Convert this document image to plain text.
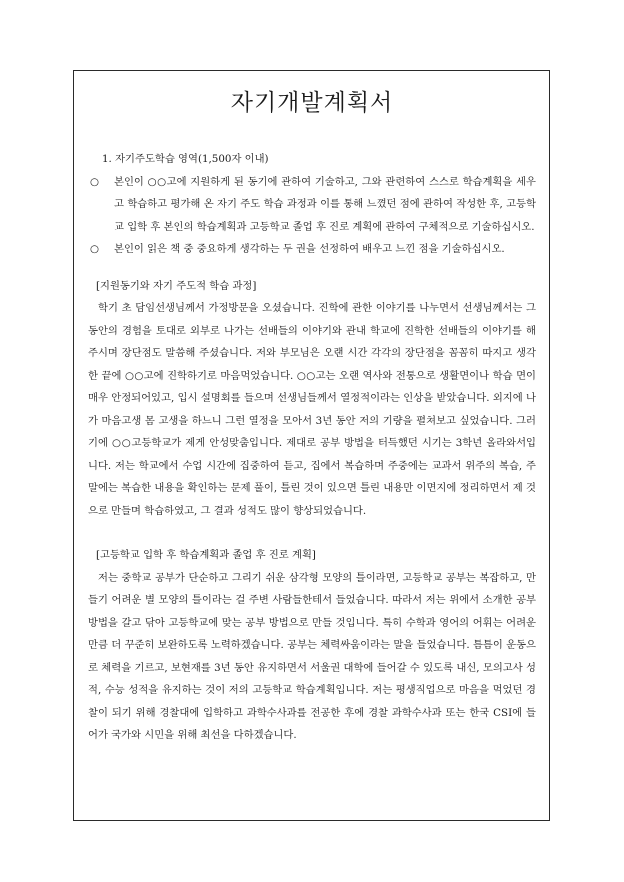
자기개발계획서

1. 자기주도학습 영역(1,500자 이내)

○ 본인이 ○○고에 지원하게 된 동기에 관하여 기술하고, 그와 관련하여 스스로 학습계획을 세우고 학습하고 평가해 온 자기 주도 학습 과정과 이를 통해 느꼈던 점에 관하여 작성한 후, 고등학교 입학 후 본인의 학습계획과 고등학교 졸업 후 진로 계획에 관하여 구체적으로 기술하십시오.
○ 본인이 읽은 책 중 중요하게 생각하는 두 권을 선정하여 배우고 느낀 점을 기술하십시오.

[지원동기와 자기 주도적 학습 과정]

학기 초 담임선생님께서 가정방문을 오셨습니다. 진학에 관한 이야기를 나누면서 선생님께서는 그동안의 경험을 토대로 외부로 나가는 선배들의 이야기와 관내 학교에 진학한 선배들의 이야기를 해 주시며 장단점도 말씀해 주셨습니다. 저와 부모님은 오랜 시간 각각의 장단점을 꼼꼼히 따지고 생각한 끝에 ○○고에 진학하기로 마음먹었습니다. ○○고는 오랜 역사와 전통으로 생활면이나 학습 면이 매우 안정되어있고, 입시 설명회를 들으며 선생님들께서 열정적이라는 인상을 받았습니다. 외지에 나가 마음고생 몸 고생을 하느니 그런 열정을 모아서 3년 동안 저의 기량을 펼쳐보고 싶었습니다. 그러기에 ○○고등학교가 제게 안성맞춤입니다. 제대로 공부 방법을 터득했던 시기는 3학년 올라와서입니다. 저는 학교에서 수업 시간에 집중하여 듣고, 집에서 복습하며 주중에는 교과서 위주의 복습, 주말에는 복습한 내용을 확인하는 문제 풀이, 틀린 것이 있으면 틀린 내용만 이면지에 정리하면서 제 것으로 만들며 학습하였고, 그 결과 성적도 많이 향상되었습니다.

[고등학교 입학 후 학습계획과 졸업 후 진로 계획]

저는 중학교 공부가 단순하고 그리기 쉬운 삼각형 모양의 틀이라면, 고등학교 공부는 복잡하고, 만들기 어려운 별 모양의 틀이라는 걸 주변 사람들한테서 들었습니다. 따라서 저는 위에서 소개한 공부 방법을 갈고 닦아 고등학교에 맞는 공부 방법으로 만들 것입니다. 특히 수학과 영어의 어휘는 어려운 만큼 더 꾸준히 보완하도록 노력하겠습니다. 공부는 체력싸움이라는 말을 들었습니다. 틈틈이 운동으로 체력을 기르고, 보현재를 3년 동안 유지하면서 서울권 대학에 들어갈 수 있도록 내신, 모의고사 성적, 수능 성적을 유지하는 것이 저의 고등학교 학습계획입니다. 저는 평생직업으로 마음을 먹었던 경찰이 되기 위해 경찰대에 입학하고 과학수사과를 전공한 후에 경찰 과학수사과 또는 한국 CSI에 들어가 국가와 시민을 위해 최선을 다하겠습니다.
